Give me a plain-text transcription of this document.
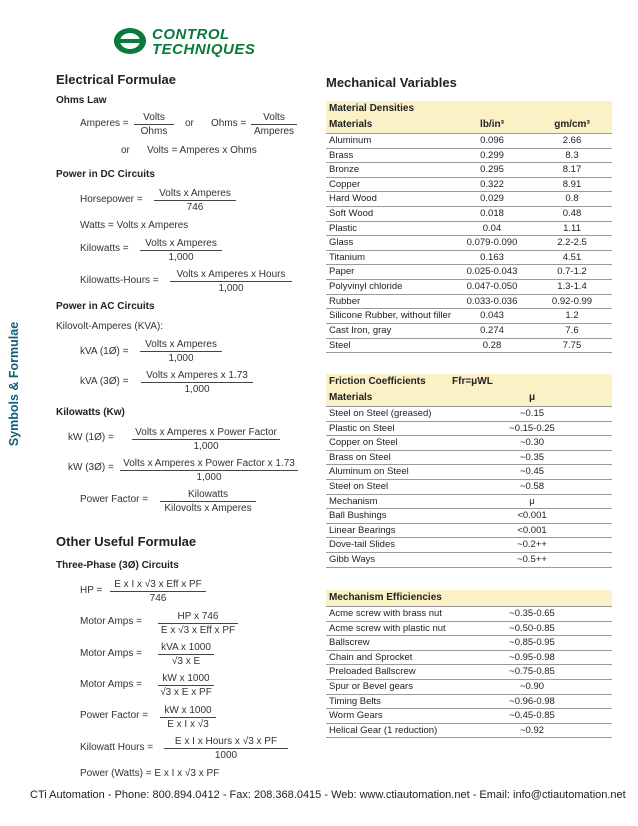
CONTROL
TECHNIQUES
Symbols & Formulae
Electrical Formulae
Ohms Law
Amperes =
Volts
Ohms
or Ohms =
Volts
Amperes
or Volts = Amperes x Ohms
Power in DC Circuits
Horsepower =
Volts x Amperes
746
Watts = Volts x Amperes
Kilowatts =	Volts x Amperes
1,000
Kilowatts-Hours =
Volts x Amperes x Hours
1,000
Power in AC Circuits
Kilovolt-Amperes (KVA):
kVA (1Ø) =
Volts x Amperes
1,000
kVA (3Ø) =
Volts x Amperes x 1.73
1,000
Kilowatts (Kw)
kW (1Ø) =	Volts x Amperes x Power Factor
1,000
kW (3Ø) = Volts x Amperes x Power Factor x 1.73
1,000
Power Factor =	Kilowatts
Kilovolts x Amperes
Other Useful Formulae
Three-Phase (3Ø) Circuits
HP =
E x I x √3 x Eff x PF
746
Motor Amps =	HP x 746
E x √3 x Eff x PF
Motor Amps =
kVA x 1000
√3 x E
Motor Amps = $\frac{\text{kW x 1000}}{\text{√3 x E x PF}}$
Power Factor = $\frac{\text{kW x 1000}}{\text{E x I x √3}}$
Kilowatt Hours =
E x I x Hours x √3 x PF
1000
Power (Watts) = E x I x √3 x PF
Mechanical Variables
Material Densities
Materials	lb/in³	gm/cm³
Aluminum	0.096	2.66
Brass	0.299	8.3
Bronze	0.295	8.17
Copper	0.322	8.91
Hard Wood	0.029	0.8
Soft Wood	0.018	0.48
Plastic	0.04	1.11
Glass	0.079-0.090	2.2-2.5
Titanium	0.163	4.51
Paper	0.025-0.043	0.7-1.2
Polyvinyl chloride	0.047-0.050	1.3-1.4
Rubber	0.033-0.036	0.92-0.99
Silicone Rubber, without filler	0.043	1.2
Cast Iron, gray	0.274	7.6
Steel	0.28	7.75
Friction Coefficients	Ffr=μWL
Materials	μ
Steel on Steel (greased)	~0.15
Plastic on Steel	~0.15-0.25
Copper on Steel	~0.30
Brass on Steel	~0.35
Aluminum on Steel	~0.45
Steel on Steel	~0.58
Mechanism	μ
Ball Bushings	<0.001
Linear Bearings	<0.001
Dove-tail Slides	~0.2++
Gibb Ways	~0.5++
Mechanism Efficiencies
Acme screw with brass nut	~0.35-0.65
Acme screw with plastic nut	~0.50-0.85
Ballscrew	~0.85-0.95
Chain and Sprocket	~0.95-0.98
Preloaded Ballscrew	~0.75-0.85
Spur or Bevel gears	~0.90
Timing Belts	~0.96-0.98
Worm Gears	~0.45-0.85
Helical Gear (1 reduction)	~0.92
CTi Automation - Phone: 800.894.0412 - Fax: 208.368.0415 - Web: www.ctiautomation.net - Email: info@ctiautomation.net
